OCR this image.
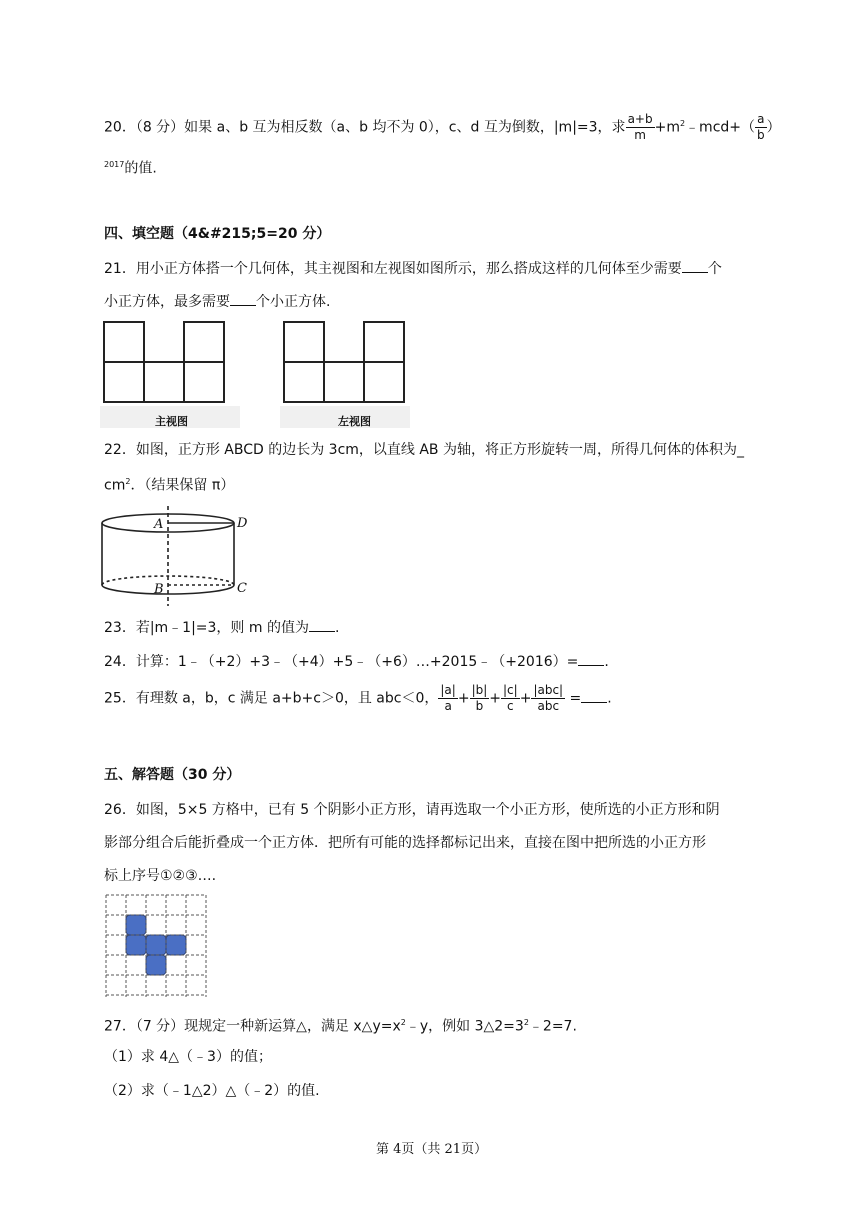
20．（8 分）如果 a、b 互为相反数（a、b 均不为 0），c、d 互为倒数，|m|=3，求 $\frac{a+b}{m}$ $+m^2﹣mcd+( \frac{a}{b}$ ）
$^{2017}$的值.
四、填空题（4&#215;5=20 分）
21．用小正方体搭一个几何体，其主视图和左视图如图所示，那么搭成这样的几何体至少需要 个
小正方体，最多需要 个小正方体.
主视图	左视图
22．如图，正方形 ABCD 的边长为 3cm，以直线 AB 为轴，将正方形旋转一周，所得几何体的体积为_
$cm^2$．（结果保留 π）
A	D
B	C
23．若|m﹣1|=3，则 m 的值为 .
24．计算：1﹣（+2）+3﹣（+4）+5﹣（+6）…+2015﹣（+2016）= .
25．有理数 a，b，c 满足 a+b+c＞0，且 abc＜0， $\frac{|a|}{a} + \frac{|b|}{b} + \frac{|c|}{c} + \frac{\text{|abc|}}{\text{abc}}$ = .
五、解答题（30 分）
26．如图，5×5 方格中，已有 5 个阴影小正方形，请再选取一个小正方形，使所选的小正方形和阴
影部分组合后能折叠成一个正方体．把所有可能的选择都标记出来，直接在图中把所选的小正方形
标上序号①②③….
27．（7 分）现规定一种新运算△，满足 $x\triangle y=x^2﹣y$，例如 $3\triangle 2=3^2﹣2=7$.
（1）求 4△（﹣3）的值；
（2）求（﹣1△2）△（﹣2）的值.
第 4页（共 21页）
